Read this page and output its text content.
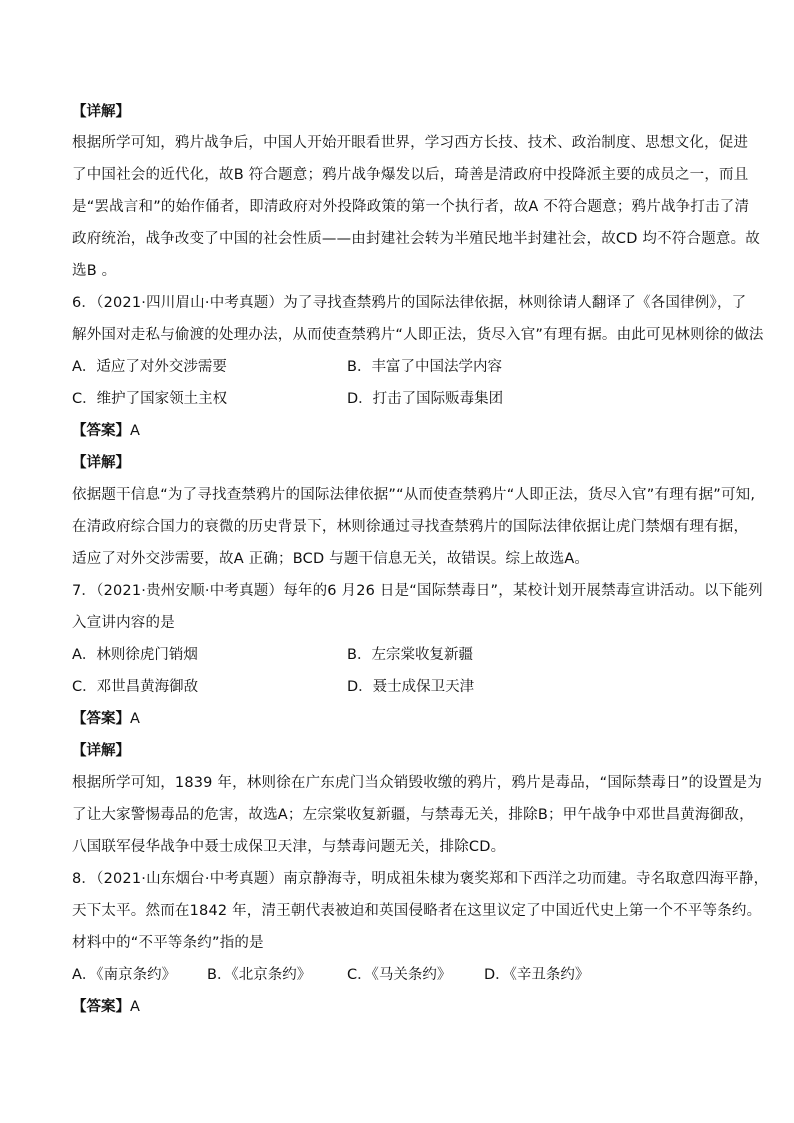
【详解】
根据所学可知，鸦片战争后，中国人开始开眼看世界，学习西方长技、技术、政治制度、思想文化，促进
了中国社会的近代化，故B 符合题意；鸦片战争爆发以后，琦善是清政府中投降派主要的成员之一，而且
是“罢战言和”的始作俑者，即清政府对外投降政策的第一个执行者，故A 不符合题意；鸦片战争打击了清
政府统治，战争改变了中国的社会性质——由封建社会转为半殖民地半封建社会，故CD 均不符合题意。故
选B 。
6．（2021·四川眉山·中考真题）为了寻找查禁鸦片的国际法律依据，林则徐请人翻译了《各国律例》，了
解外国对走私与偷渡的处理办法，从而使查禁鸦片“人即正法，货尽入官”有理有据。由此可见林则徐的做法
A．适应了对外交涉需要	B．丰富了中国法学内容
C．维护了国家领土主权	D．打击了国际贩毒集团
【答案】A
【详解】
依据题干信息“为了寻找查禁鸦片的国际法律依据”“从而使查禁鸦片“人即正法，货尽入官”有理有据”可知,
在清政府综合国力的衰微的历史背景下，林则徐通过寻找查禁鸦片的国际法律依据让虎门禁烟有理有据，
适应了对外交涉需要，故A 正确；BCD 与题干信息无关，故错误。综上故选A。
7．（2021·贵州安顺·中考真题）每年的6 月26 日是“国际禁毒日”，某校计划开展禁毒宣讲活动。以下能列
入宣讲内容的是
A．林则徐虎门销烟	B．左宗棠收复新疆
C．邓世昌黄海御敌	D．聂士成保卫天津
【答案】A
【详解】
根据所学可知，1839 年，林则徐在广东虎门当众销毁收缴的鸦片，鸦片是毒品，“国际禁毒日”的设置是为
了让大家警惕毒品的危害，故选A；左宗棠收复新疆，与禁毒无关，排除B；甲午战争中邓世昌黄海御敌，
八国联军侵华战争中聂士成保卫天津，与禁毒问题无关，排除CD。
8．（2021·山东烟台·中考真题）南京静海寺，明成祖朱棣为褒奖郑和下西洋之功而建。寺名取意四海平静，
天下太平。然而在1842 年，清王朝代表被迫和英国侵略者在这里议定了中国近代史上第一个不平等条约。
材料中的“不平等条约”指的是
A．《南京条约》 B．《北京条约》 C．《马关条约》 D．《辛丑条约》
【答案】A
